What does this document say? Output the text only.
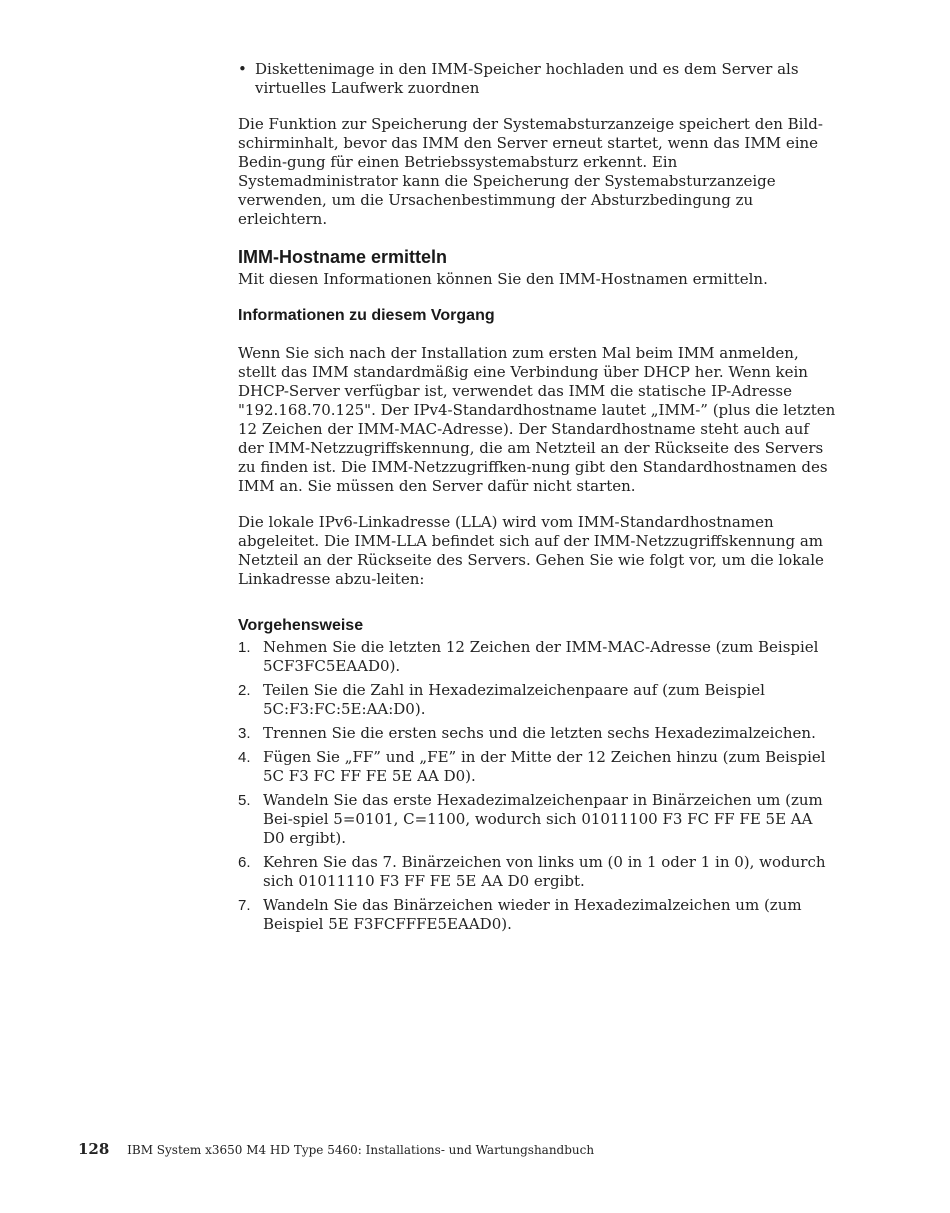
• Diskettenimage in den IMM-Speicher hochladen und es dem Server als virtuelles Laufwerk zuordnen

Die Funktion zur Speicherung der Systemabsturzanzeige speichert den Bild-schirminhalt, bevor das IMM den Server erneut startet, wenn das IMM eine Bedin-gung für einen Betriebssystemabsturz erkennt. Ein Systemadministrator kann die Speicherung der Systemabsturzanzeige verwenden, um die Ursachenbestimmung der Absturzbedingung zu erleichtern.

IMM-Hostname ermitteln

Mit diesen Informationen können Sie den IMM-Hostnamen ermitteln.

Informationen zu diesem Vorgang

Wenn Sie sich nach der Installation zum ersten Mal beim IMM anmelden, stellt das IMM standardmäßig eine Verbindung über DHCP her. Wenn kein DHCP-Server verfügbar ist, verwendet das IMM die statische IP-Adresse "192.168.70.125". Der IPv4-Standardhostname lautet „IMM-” (plus die letzten 12 Zeichen der IMM-MAC-Adresse). Der Standardhostname steht auch auf der IMM-Netzzugriffskennung, die am Netzteil an der Rückseite des Servers zu finden ist. Die IMM-Netzzugriffken-nung gibt den Standardhostnamen des IMM an. Sie müssen den Server dafür nicht starten.

Die lokale IPv6-Linkadresse (LLA) wird vom IMM-Standardhostnamen abgeleitet. Die IMM-LLA befindet sich auf der IMM-Netzzugriffskennung am Netzteil an der Rückseite des Servers. Gehen Sie wie folgt vor, um die lokale Linkadresse abzu-leiten:

Vorgehensweise
1. Nehmen Sie die letzten 12 Zeichen der IMM-MAC-Adresse (zum Beispiel 5CF3FC5EAAD0).
2. Teilen Sie die Zahl in Hexadezimalzeichenpaare auf (zum Beispiel 5C:F3:FC:5E:AA:D0).
3. Trennen Sie die ersten sechs und die letzten sechs Hexadezimalzeichen.
4. Fügen Sie „FF” und „FE” in der Mitte der 12 Zeichen hinzu (zum Beispiel 5C F3 FC FF FE 5E AA D0).
5. Wandeln Sie das erste Hexadezimalzeichenpaar in Binärzeichen um (zum Bei-spiel 5=0101, C=1100, wodurch sich 01011100 F3 FC FF FE 5E AA D0 ergibt).
6. Kehren Sie das 7. Binärzeichen von links um (0 in 1 oder 1 in 0), wodurch sich 01011110 F3 FF FE 5E AA D0 ergibt.
7. Wandeln Sie das Binärzeichen wieder in Hexadezimalzeichen um (zum Beispiel 5E F3FCFFFE5EAAD0).
128 IBM System x3650 M4 HD Type 5460: Installations- und Wartungshandbuch
